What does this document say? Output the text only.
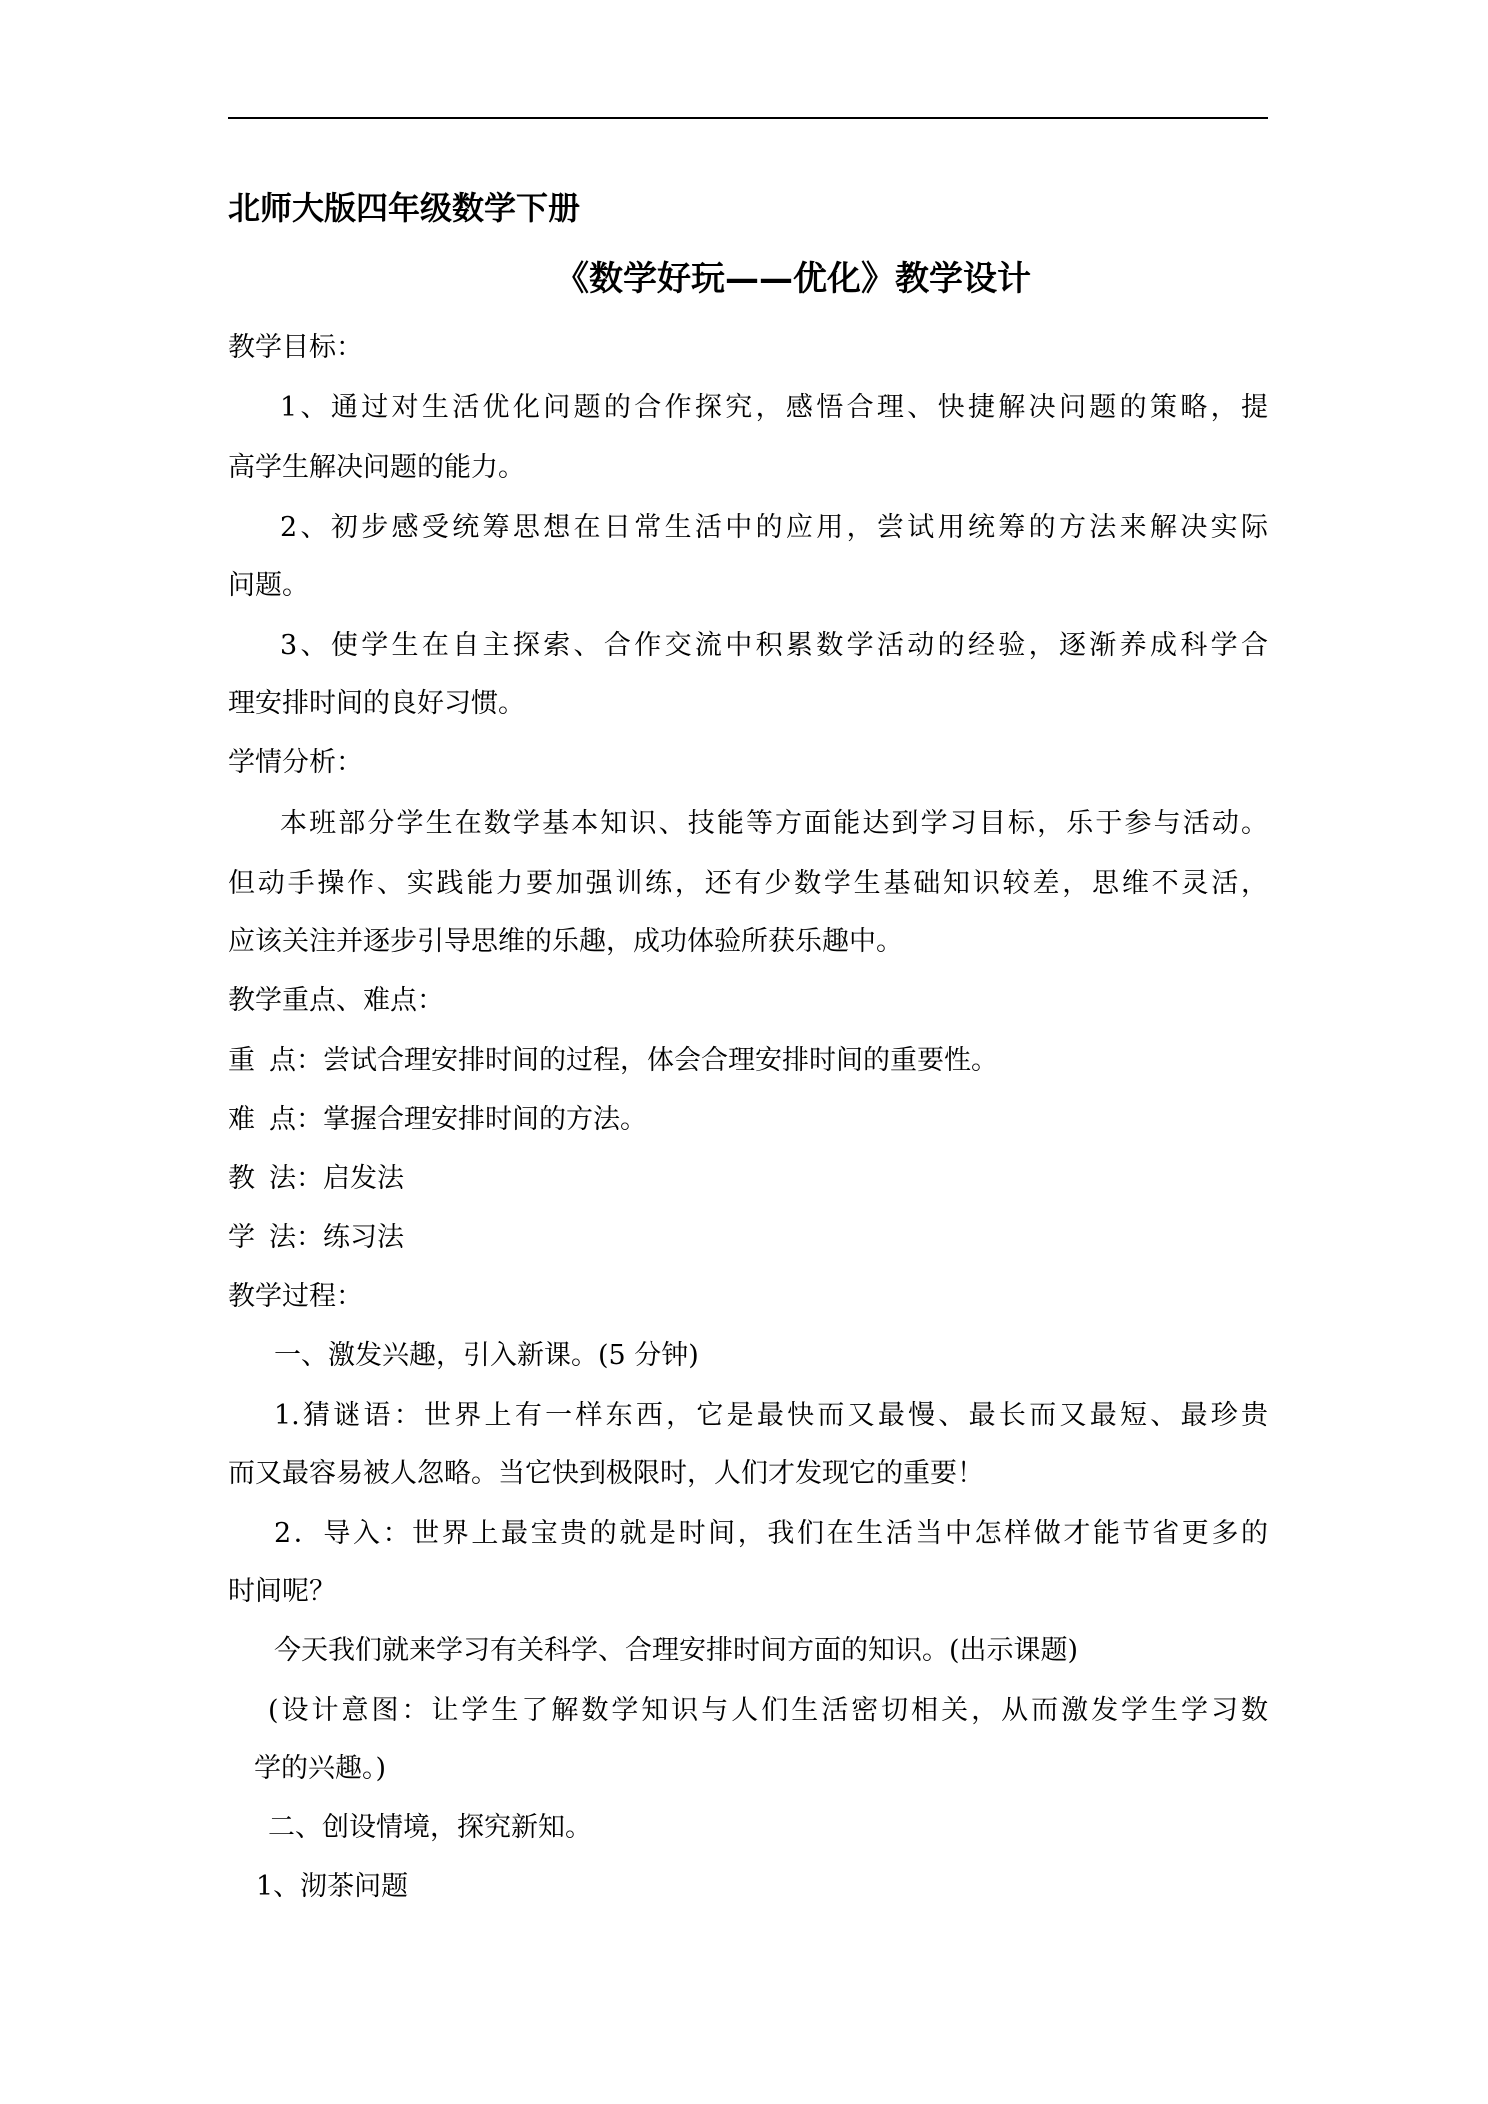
北师大版四年级数学下册
《数学好玩——优化》教学设计
教学目标：
1、通过对生活优化问题的合作探究，感悟合理、快捷解决问题的策略，提
高学生解决问题的能力。
2、初步感受统筹思想在日常生活中的应用，尝试用统筹的方法来解决实际
问题。
3、使学生在自主探索、合作交流中积累数学活动的经验，逐渐养成科学合
理安排时间的良好习惯。
学情分析：
本班部分学生在数学基本知识、技能等方面能达到学习目标，乐于参与活动。
但动手操作、实践能力要加强训练，还有少数学生基础知识较差，思维不灵活，
应该关注并逐步引导思维的乐趣，成功体验所获乐趣中。
教学重点、难点：
重点：尝试合理安排时间的过程，体会合理安排时间的重要性。
难点：掌握合理安排时间的方法。
教法：启发法
学法：练习法
教学过程：
一、激发兴趣，引入新课。(5 分钟)
1.猜谜语：世界上有一样东西，它是最快而又最慢、最长而又最短、最珍贵
而又最容易被人忽略。当它快到极限时，人们才发现它的重要！
2．导入：世界上最宝贵的就是时间，我们在生活当中怎样做才能节省更多的
时间呢？
今天我们就来学习有关科学、合理安排时间方面的知识。(出示课题)
(设计意图：让学生了解数学知识与人们生活密切相关，从而激发学生学习数
学的兴趣。)
二、创设情境，探究新知。
1、沏茶问题
